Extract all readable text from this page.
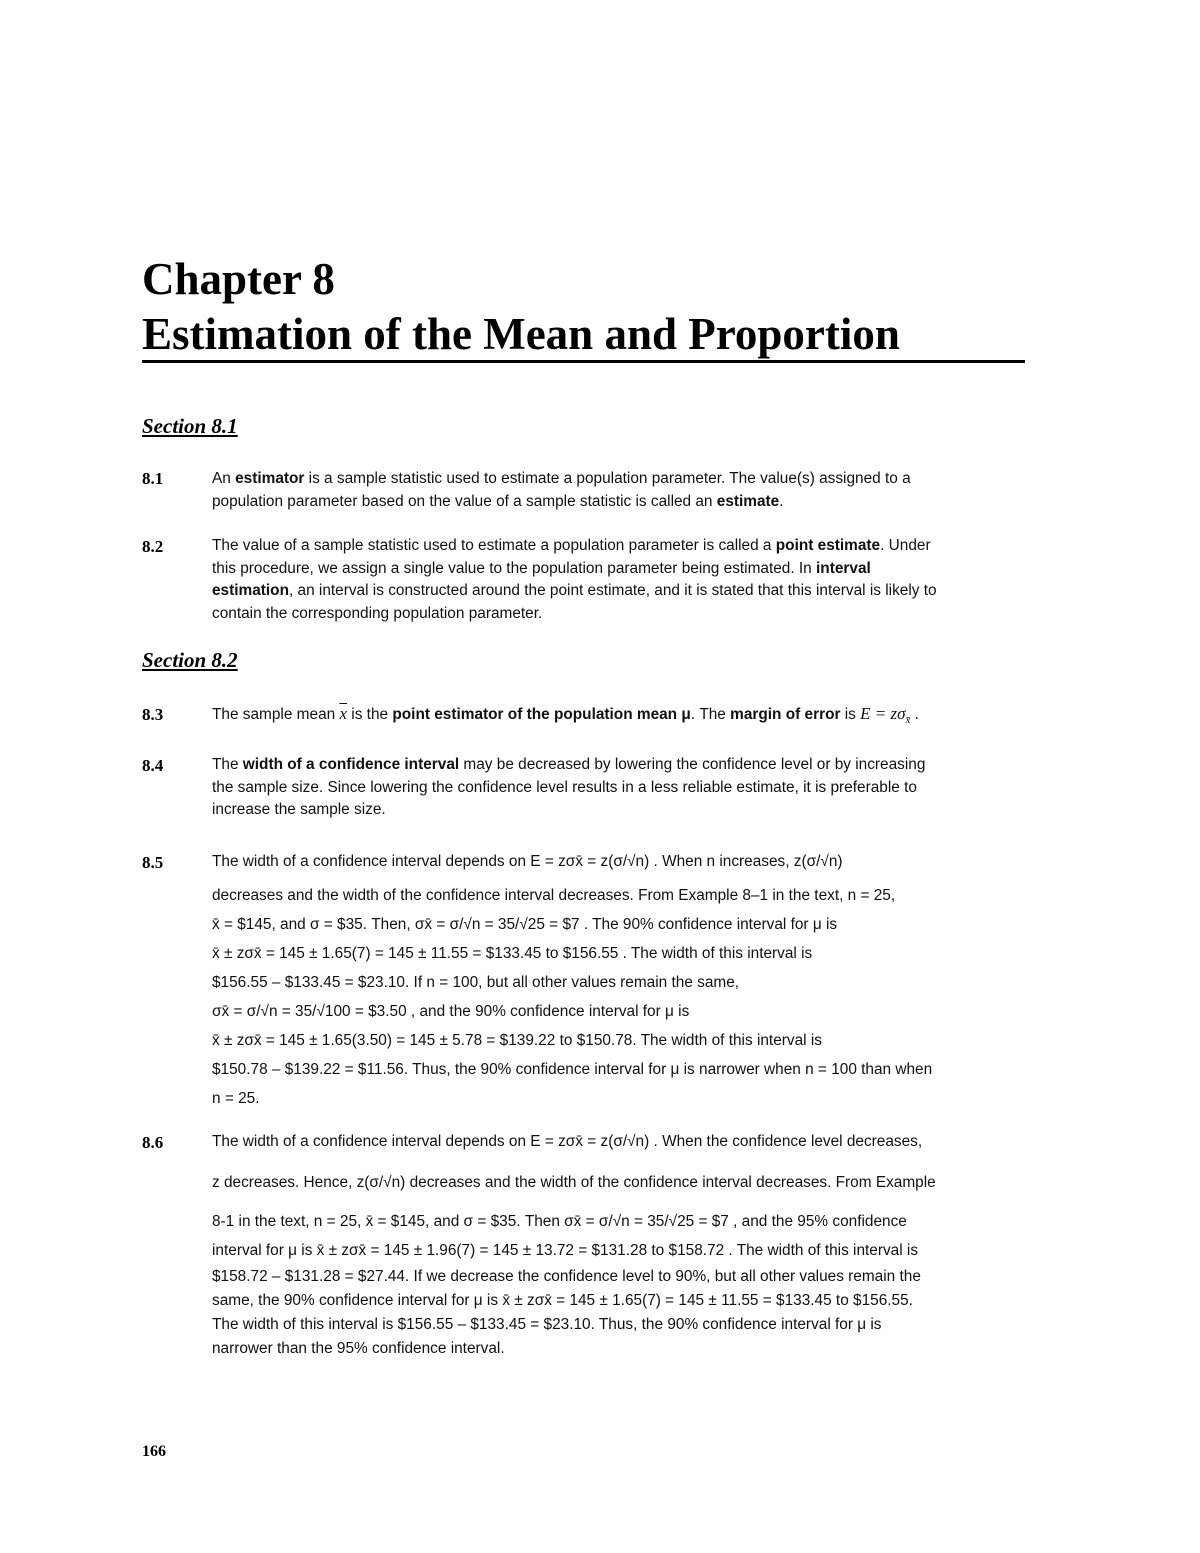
Chapter 8
Estimation of the Mean and Proportion
Section 8.1
8.1	An estimator is a sample statistic used to estimate a population parameter. The value(s) assigned to a
population parameter based on the value of a sample statistic is called an estimate.
8.2	The value of a sample statistic used to estimate a population parameter is called a point estimate. Under
this procedure, we assign a single value to the population parameter being estimated. In interval
estimation, an interval is constructed around the point estimate, and it is stated that this interval is likely to
contain the corresponding population parameter.
Section 8.2
8.3	The sample mean $\overline{x}$ is the point estimator of the population mean μ. The margin of error is $E = z\sigma_{x̄}$ .
8.4	The width of a confidence interval may be decreased by lowering the confidence level or by increasing
the sample size. Since lowering the confidence level results in a less reliable estimate, it is preferable to
increase the sample size.
8.5	The width of a confidence interval depends on E = zσx̄ = z(σ/√n) . When n increases, z(σ/√n)
decreases and the width of the confidence interval decreases. From Example 8–1 in the text, n = 25,
x̄ = $145, and σ = $35. Then, σx̄ = σ/√n = 35/√25 = $7 . The 90% confidence interval for μ is
x̄ ± zσx̄ = 145 ± 1.65(7) = 145 ± 11.55 = $133.45 to $156.55 . The width of this interval is
$156.55 – $133.45 = $23.10. If n = 100, but all other values remain the same,
σx̄ = σ/√n = 35/√100 = $3.50 , and the 90% confidence interval for μ is
x̄ ± zσx̄ = 145 ± 1.65(3.50) = 145 ± 5.78 = $139.22 to $150.78. The width of this interval is
$150.78 – $139.22 = $11.56. Thus, the 90% confidence interval for μ is narrower when n = 100 than when
n = 25.
8.6	The width of a confidence interval depends on E = zσx̄ = z(σ/√n) . When the confidence level decreases,
z decreases. Hence, z(σ/√n) decreases and the width of the confidence interval decreases. From Example
8-1 in the text, n = 25, x̄ = $145, and σ = $35. Then σx̄ = σ/√n = 35/√25 = $7 , and the 95% confidence
interval for μ is x̄ ± zσx̄ = 145 ± 1.96(7) = 145 ± 13.72 = $131.28 to $158.72 . The width of this interval is
$158.72 – $131.28 = $27.44. If we decrease the confidence level to 90%, but all other values remain the
same, the 90% confidence interval for μ is x̄ ± zσx̄ = 145 ± 1.65(7) = 145 ± 11.55 = $133.45 to $156.55.
The width of this interval is $156.55 – $133.45 = $23.10. Thus, the 90% confidence interval for μ is
narrower than the 95% confidence interval.
166
